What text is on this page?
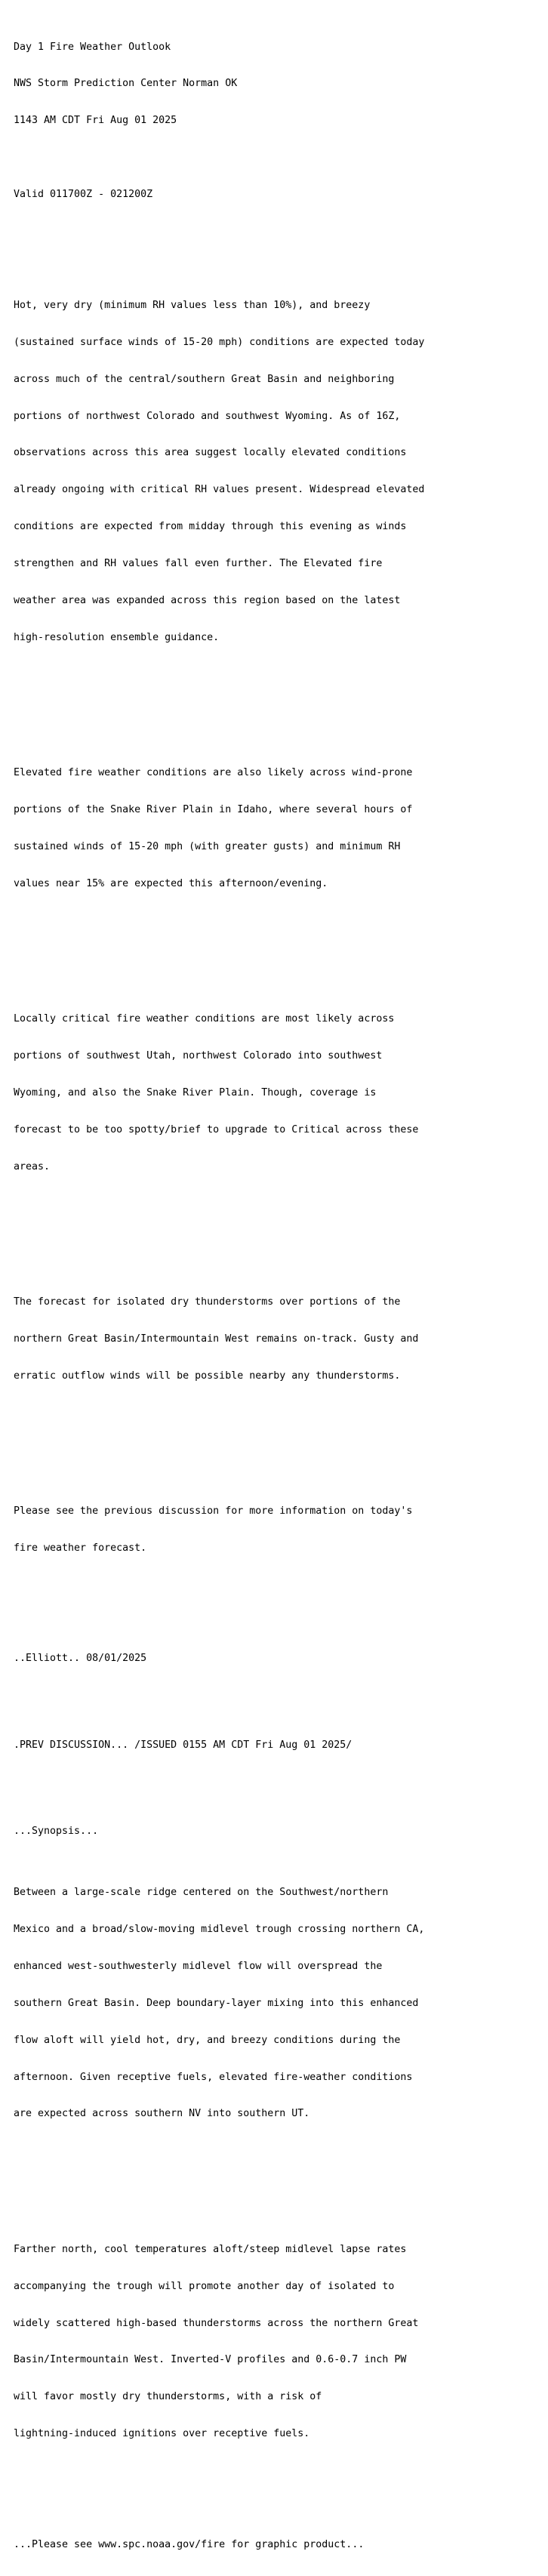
Day 1 Fire Weather Outlook

NWS Storm Prediction Center Norman OK

1143 AM CDT Fri Aug 01 2025

Valid 011700Z - 021200Z

Hot, very dry (minimum RH values less than 10%), and breezy

(sustained surface winds of 15-20 mph) conditions are expected today

across much of the central/southern Great Basin and neighboring

portions of northwest Colorado and southwest Wyoming. As of 16Z,

observations across this area suggest locally elevated conditions

already ongoing with critical RH values present. Widespread elevated

conditions are expected from midday through this evening as winds

strengthen and RH values fall even further. The Elevated fire

weather area was expanded across this region based on the latest

high-resolution ensemble guidance.

Elevated fire weather conditions are also likely across wind-prone

portions of the Snake River Plain in Idaho, where several hours of

sustained winds of 15-20 mph (with greater gusts) and minimum RH

values near 15% are expected this afternoon/evening.

Locally critical fire weather conditions are most likely across

portions of southwest Utah, northwest Colorado into southwest

Wyoming, and also the Snake River Plain. Though, coverage is

forecast to be too spotty/brief to upgrade to Critical across these

areas.

The forecast for isolated dry thunderstorms over portions of the

northern Great Basin/Intermountain West remains on-track. Gusty and

erratic outflow winds will be possible nearby any thunderstorms.

Please see the previous discussion for more information on today's

fire weather forecast.

..Elliott.. 08/01/2025

.PREV DISCUSSION... /ISSUED 0155 AM CDT Fri Aug 01 2025/

...Synopsis...

Between a large-scale ridge centered on the Southwest/northern

Mexico and a broad/slow-moving midlevel trough crossing northern CA,

enhanced west-southwesterly midlevel flow will overspread the

southern Great Basin. Deep boundary-layer mixing into this enhanced

flow aloft will yield hot, dry, and breezy conditions during the

afternoon. Given receptive fuels, elevated fire-weather conditions

are expected across southern NV into southern UT.

Farther north, cool temperatures aloft/steep midlevel lapse rates

accompanying the trough will promote another day of isolated to

widely scattered high-based thunderstorms across the northern Great

Basin/Intermountain West. Inverted-V profiles and 0.6-0.7 inch PW

will favor mostly dry thunderstorms, with a risk of

lightning-induced ignitions over receptive fuels.

...Please see www.spc.noaa.gov/fire for graphic product...
